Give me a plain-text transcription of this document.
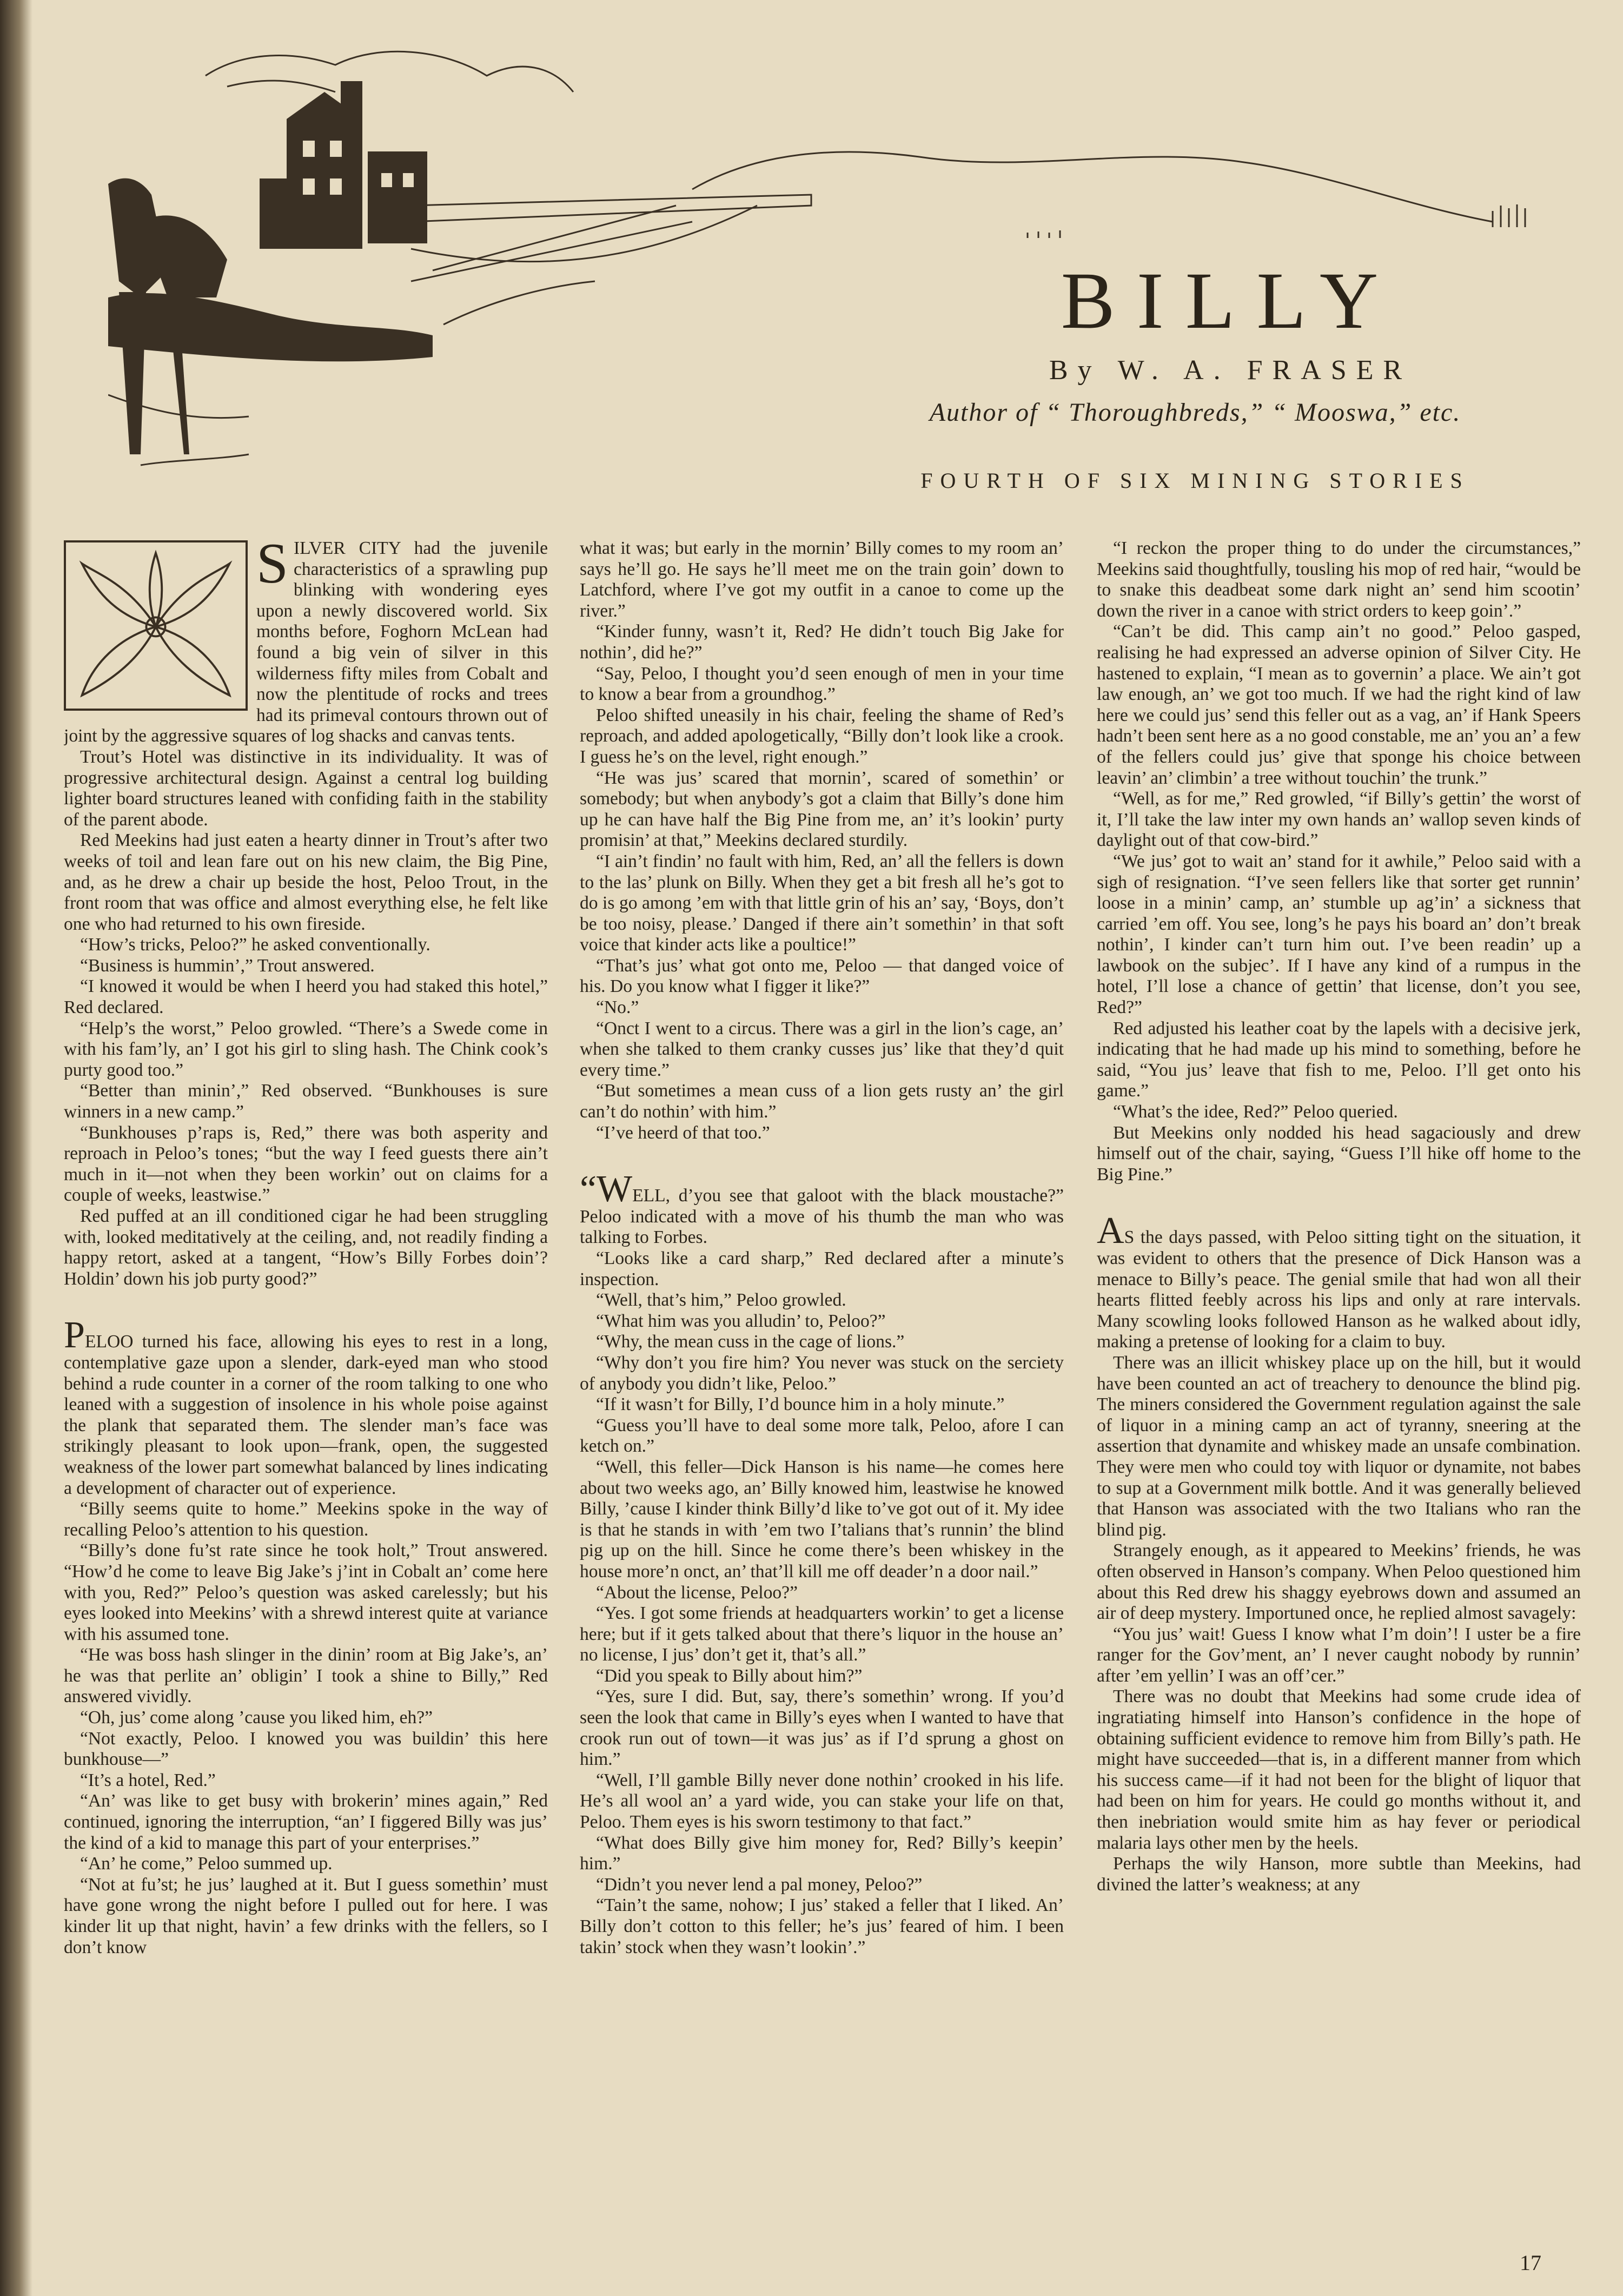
BILLY

By W. A. FRASER

Author of “ Thoroughbreds,” “ Mooswa,” etc.

FOURTH OF SIX MINING STORIES

SILVER CITY had the juvenile characteristics of a sprawling pup blinking with wondering eyes upon a newly discovered world. Six months before, Foghorn McLean had found a big vein of silver in this wilderness fifty miles from Cobalt and now the plentitude of rocks and trees had its primeval contours thrown out of joint by the aggressive squares of log shacks and canvas tents.

Trout’s Hotel was distinctive in its individuality. It was of progressive architectural design. Against a central log building lighter board structures leaned with confiding faith in the stability of the parent abode.

Red Meekins had just eaten a hearty dinner in Trout’s after two weeks of toil and lean fare out on his new claim, the Big Pine, and, as he drew a chair up beside the host, Peloo Trout, in the front room that was office and almost everything else, he felt like one who had returned to his own fireside.

“How’s tricks, Peloo?” he asked conventionally.

“Business is hummin’,” Trout answered.

“I knowed it would be when I heerd you had staked this hotel,” Red declared.

“Help’s the worst,” Peloo growled. “There’s a Swede come in with his fam’ly, an’ I got his girl to sling hash. The Chink cook’s purty good too.”

“Better than minin’,” Red observed. “Bunkhouses is sure winners in a new camp.”

“Bunkhouses p’raps is, Red,” there was both asperity and reproach in Peloo’s tones; “but the way I feed guests there ain’t much in it—not when they been workin’ out on claims for a couple of weeks, leastwise.”

Red puffed at an ill conditioned cigar he had been struggling with, looked meditatively at the ceiling, and, not readily finding a happy retort, asked at a tangent, “How’s Billy Forbes doin’? Holdin’ down his job purty good?”

PELOO turned his face, allowing his eyes to rest in a long, contemplative gaze upon a slender, dark-eyed man who stood behind a rude counter in a corner of the room talking to one who leaned with a suggestion of insolence in his whole poise against the plank that separated them. The slender man’s face was strikingly pleasant to look upon—frank, open, the suggested weakness of the lower part somewhat balanced by lines indicating a development of character out of experience.

“Billy seems quite to home.” Meekins spoke in the way of recalling Peloo’s attention to his question.

“Billy’s done fu’st rate since he took holt,” Trout answered. “How’d he come to leave Big Jake’s j’int in Cobalt an’ come here with you, Red?” Peloo’s question was asked carelessly; but his eyes looked into Meekins’ with a shrewd interest quite at variance with his assumed tone.

“He was boss hash slinger in the dinin’ room at Big Jake’s, an’ he was that perlite an’ obligin’ I took a shine to Billy,” Red answered vividly.

“Oh, jus’ come along ’cause you liked him, eh?”

“Not exactly, Peloo. I knowed you was buildin’ this here bunkhouse—”

“It’s a hotel, Red.”

“An’ was like to get busy with brokerin’ mines again,” Red continued, ignoring the interruption, “an’ I figgered Billy was jus’ the kind of a kid to manage this part of your enterprises.”

“An’ he come,” Peloo summed up.

“Not at fu’st; he jus’ laughed at it. But I guess somethin’ must have gone wrong the night before I pulled out for here. I was kinder lit up that night, havin’ a few drinks with the fellers, so I don’t know

what it was; but early in the mornin’ Billy comes to my room an’ says he’ll go. He says he’ll meet me on the train goin’ down to Latchford, where I’ve got my outfit in a canoe to come up the river.”

“Kinder funny, wasn’t it, Red? He didn’t touch Big Jake for nothin’, did he?”

“Say, Peloo, I thought you’d seen enough of men in your time to know a bear from a groundhog.”

Peloo shifted uneasily in his chair, feeling the shame of Red’s reproach, and added apologetically, “Billy don’t look like a crook. I guess he’s on the level, right enough.”

“He was jus’ scared that mornin’, scared of somethin’ or somebody; but when anybody’s got a claim that Billy’s done him up he can have half the Big Pine from me, an’ it’s lookin’ purty promisin’ at that,” Meekins declared sturdily.

“I ain’t findin’ no fault with him, Red, an’ all the fellers is down to the las’ plunk on Billy. When they get a bit fresh all he’s got to do is go among ’em with that little grin of his an’ say, ‘Boys, don’t be too noisy, please.’ Danged if there ain’t somethin’ in that soft voice that kinder acts like a poultice!”

“That’s jus’ what got onto me, Peloo — that danged voice of his. Do you know what I figger it like?”

“No.”

“Onct I went to a circus. There was a girl in the lion’s cage, an’ when she talked to them cranky cusses jus’ like that they’d quit every time.”

“But sometimes a mean cuss of a lion gets rusty an’ the girl can’t do nothin’ with him.”

“I’ve heerd of that too.”

“WELL, d’you see that galoot with the black moustache?” Peloo indicated with a move of his thumb the man who was talking to Forbes.

“Looks like a card sharp,” Red declared after a minute’s inspection.

“Well, that’s him,” Peloo growled.

“What him was you alludin’ to, Peloo?”

“Why, the mean cuss in the cage of lions.”

“Why don’t you fire him? You never was stuck on the serciety of anybody you didn’t like, Peloo.”

“If it wasn’t for Billy, I’d bounce him in a holy minute.”

“Guess you’ll have to deal some more talk, Peloo, afore I can ketch on.”

“Well, this feller—Dick Hanson is his name—he comes here about two weeks ago, an’ Billy knowed him, leastwise he knowed Billy, ’cause I kinder think Billy’d like to’ve got out of it. My idee is that he stands in with ’em two I’talians that’s runnin’ the blind pig up on the hill. Since he come there’s been whiskey in the house more’n onct, an’ that’ll kill me off deader’n a door nail.”

“About the license, Peloo?”

“Yes. I got some friends at headquarters workin’ to get a license here; but if it gets talked about that there’s liquor in the house an’ no license, I jus’ don’t get it, that’s all.”

“Did you speak to Billy about him?”

“Yes, sure I did. But, say, there’s somethin’ wrong. If you’d seen the look that came in Billy’s eyes when I wanted to have that crook run out of town—it was jus’ as if I’d sprung a ghost on him.”

“Well, I’ll gamble Billy never done nothin’ crooked in his life. He’s all wool an’ a yard wide, you can stake your life on that, Peloo. Them eyes is his sworn testimony to that fact.”

“What does Billy give him money for, Red? Billy’s keepin’ him.”

“Didn’t you never lend a pal money, Peloo?”

“Tain’t the same, nohow; I jus’ staked a feller that I liked. An’ Billy don’t cotton to this feller; he’s jus’ feared of him. I been takin’ stock when they wasn’t lookin’.”

“I reckon the proper thing to do under the circumstances,” Meekins said thoughtfully, tousling his mop of red hair, “would be to snake this deadbeat some dark night an’ send him scootin’ down the river in a canoe with strict orders to keep goin’.”

“Can’t be did. This camp ain’t no good.” Peloo gasped, realising he had expressed an adverse opinion of Silver City. He hastened to explain, “I mean as to governin’ a place. We ain’t got law enough, an’ we got too much. If we had the right kind of law here we could jus’ send this feller out as a vag, an’ if Hank Speers hadn’t been sent here as a no good constable, me an’ you an’ a few of the fellers could jus’ give that sponge his choice between leavin’ an’ climbin’ a tree without touchin’ the trunk.”

“Well, as for me,” Red growled, “if Billy’s gettin’ the worst of it, I’ll take the law inter my own hands an’ wallop seven kinds of daylight out of that cow-bird.”

“We jus’ got to wait an’ stand for it awhile,” Peloo said with a sigh of resignation. “I’ve seen fellers like that sorter get runnin’ loose in a minin’ camp, an’ stumble up ag’in’ a sickness that carried ’em off. You see, long’s he pays his board an’ don’t break nothin’, I kinder can’t turn him out. I’ve been readin’ up a lawbook on the subjec’. If I have any kind of a rumpus in the hotel, I’ll lose a chance of gettin’ that license, don’t you see, Red?”

Red adjusted his leather coat by the lapels with a decisive jerk, indicating that he had made up his mind to something, before he said, “You jus’ leave that fish to me, Peloo. I’ll get onto his game.”

“What’s the idee, Red?” Peloo queried.

But Meekins only nodded his head sagaciously and drew himself out of the chair, saying, “Guess I’ll hike off home to the Big Pine.”

AS the days passed, with Peloo sitting tight on the situation, it was evident to others that the presence of Dick Hanson was a menace to Billy’s peace. The genial smile that had won all their hearts flitted feebly across his lips and only at rare intervals. Many scowling looks followed Hanson as he walked about idly, making a pretense of looking for a claim to buy.

There was an illicit whiskey place up on the hill, but it would have been counted an act of treachery to denounce the blind pig. The miners considered the Government regulation against the sale of liquor in a mining camp an act of tyranny, sneering at the assertion that dynamite and whiskey made an unsafe combination. They were men who could toy with liquor or dynamite, not babes to sup at a Government milk bottle. And it was generally believed that Hanson was associated with the two Italians who ran the blind pig.

Strangely enough, as it appeared to Meekins’ friends, he was often observed in Hanson’s company. When Peloo questioned him about this Red drew his shaggy eyebrows down and assumed an air of deep mystery. Importuned once, he replied almost savagely:

“You jus’ wait! Guess I know what I’m doin’! I uster be a fire ranger for the Gov’ment, an’ I never caught nobody by runnin’ after ’em yellin’ I was an off’cer.”

There was no doubt that Meekins had some crude idea of ingratiating himself into Hanson’s confidence in the hope of obtaining sufficient evidence to remove him from Billy’s path. He might have succeeded—that is, in a different manner from which his success came—if it had not been for the blight of liquor that had been on him for years. He could go months without it, and then inebriation would smite him as hay fever or periodical malaria lays other men by the heels.

Perhaps the wily Hanson, more subtle than Meekins, had divined the latter’s weakness; at any

17
